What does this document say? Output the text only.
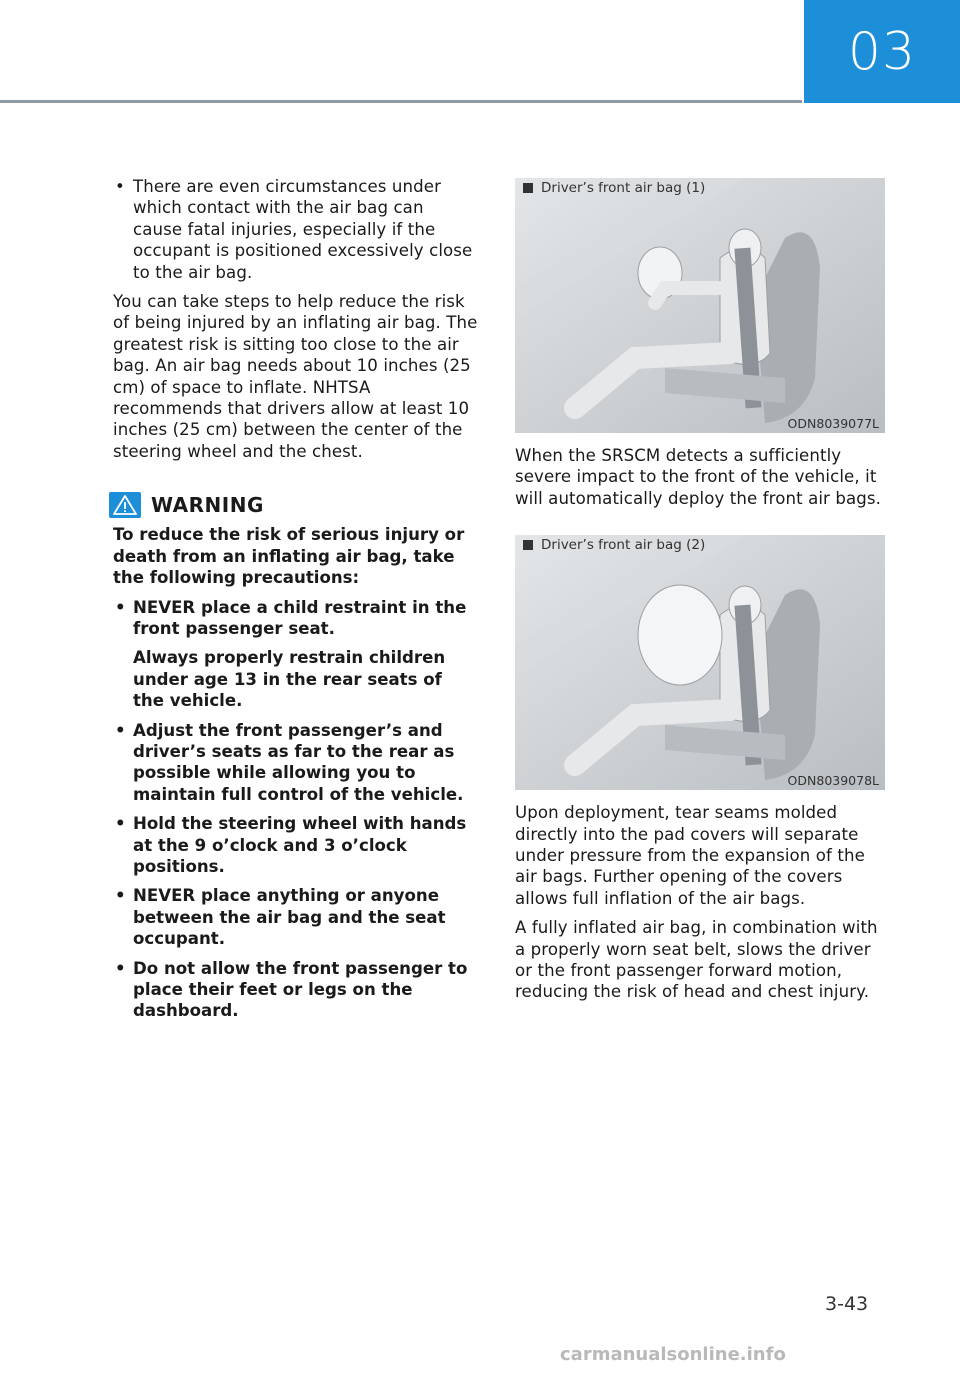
03

• There are even circumstances under which contact with the air bag can cause fatal injuries, especially if the occupant is positioned excessively close to the air bag.

You can take steps to help reduce the risk of being injured by an inflating air bag. The greatest risk is sitting too close to the air bag. An air bag needs about 10 inches (25 cm) of space to inflate. NHTSA recommends that drivers allow at least 10 inches (25 cm) between the center of the steering wheel and the chest.

WARNING

To reduce the risk of serious injury or death from an inflating air bag, take the following precautions:

• NEVER place a child restraint in the front passenger seat.

Always properly restrain children under age 13 in the rear seats of the vehicle.

• Adjust the front passenger’s and driver’s seats as far to the rear as possible while allowing you to maintain full control of the vehicle.

• Hold the steering wheel with hands at the 9 o’clock and 3 o’clock positions.

• NEVER place anything or anyone between the air bag and the seat occupant.

• Do not allow the front passenger to place their feet or legs on the dashboard.

Driver’s front air bag (1)
ODN8039077L

When the SRSCM detects a sufficiently severe impact to the front of the vehicle, it will automatically deploy the front air bags.

Driver’s front air bag (2)
ODN8039078L

Upon deployment, tear seams molded directly into the pad covers will separate under pressure from the expansion of the air bags. Further opening of the covers allows full inflation of the air bags.

A fully inflated air bag, in combination with a properly worn seat belt, slows the driver or the front passenger forward motion, reducing the risk of head and chest injury.

3-43
carmanualsonline.info
